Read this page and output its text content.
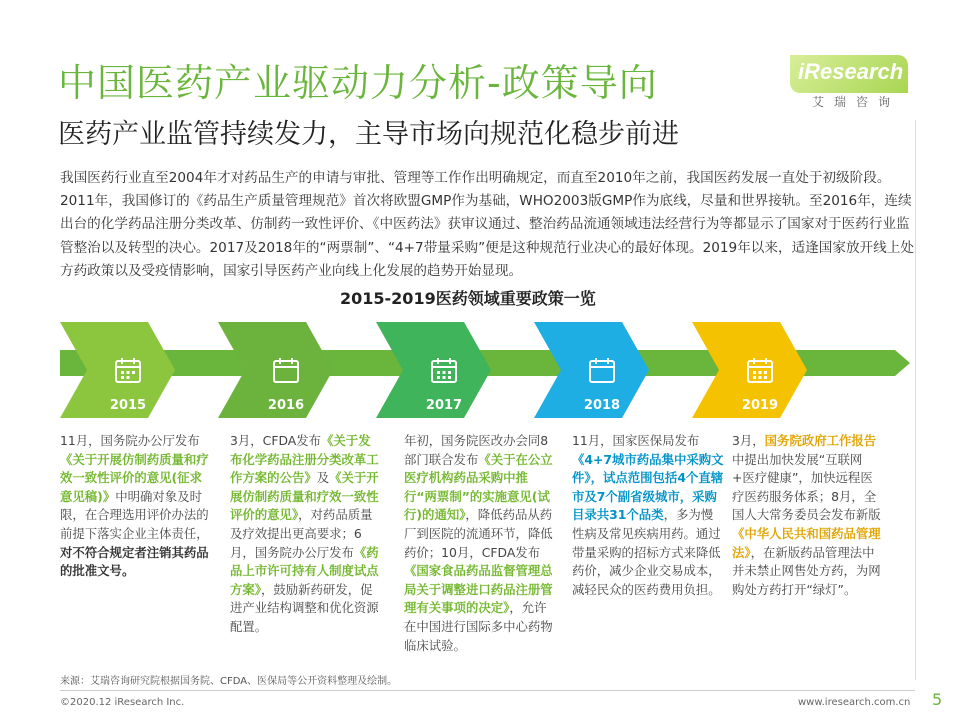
中国医药产业驱动力分析-政策导向
医药产业监管持续发力，主导市场向规范化稳步前进
iResearch
艾瑞咨询
我国医药行业直至2004年才对药品生产的申请与审批、管理等工作作出明确规定，而直至2010年之前，我国医药发展一直处于初级阶段。2011年，我国修订的《药品生产质量管理规范》首次将欧盟GMP作为基础，WHO2003版GMP作为底线，尽量和世界接轨。至2016年，连续出台的化学药品注册分类改革、仿制药一致性评价、《中医药法》获审议通过、整治药品流通领域违法经营行为等都显示了国家对于医药行业监管整治以及转型的决心。2017及2018年的“两票制”、“4+7带量采购”便是这种规范行业决心的最好体现。2019年以来，适逢国家放开线上处方药政策以及受疫情影响，国家引导医药产业向线上化发展的趋势开始显现。
2015-2019医药领域重要政策一览
2015	2016	2017	2018	2019
11月，国务院办公厅发布《关于开展仿制药质量和疗效一致性评价的意见(征求意见稿)》中明确对象及时限，在合理选用评价办法的前提下落实企业主体责任，对不符合规定者注销其药品的批准文号。
3月，CFDA发布《关于发布化学药品注册分类改革工作方案的公告》及《关于开展仿制药质量和疗效一致性评价的意见》，对药品质量及疗效提出更高要求；6月，国务院办公厅发布《药品上市许可持有人制度试点方案》，鼓励新药研发，促进产业结构调整和优化资源配置。
年初，国务院医改办会同8部门联合发布《关于在公立医疗机构药品采购中推行“两票制”的实施意见(试行)的通知》，降低药品从药厂到医院的流通环节，降低药价；10月，CFDA发布《国家食品药品监督管理总局关于调整进口药品注册管理有关事项的决定》，允许在中国进行国际多中心药物临床试验。
11月，国家医保局发布《4+7城市药品集中采购文件》，试点范围包括4个直辖市及7个副省级城市，采购目录共31个品类，多为慢性病及常见疾病用药。通过带量采购的招标方式来降低药价，减少企业交易成本，减轻民众的医药费用负担。
3月，国务院政府工作报告中提出加快发展“互联网+医疗健康”，加快远程医疗医药服务体系；8月，全国人大常务委员会发布新版《中华人民共和国药品管理法》，在新版药品管理法中并未禁止网售处方药，为网购处方药打开“绿灯”。
来源：艾瑞咨询研究院根据国务院、CFDA、医保局等公开资料整理及绘制。
©2020.12 iResearch Inc.	www.iresearch.com.cn 5
